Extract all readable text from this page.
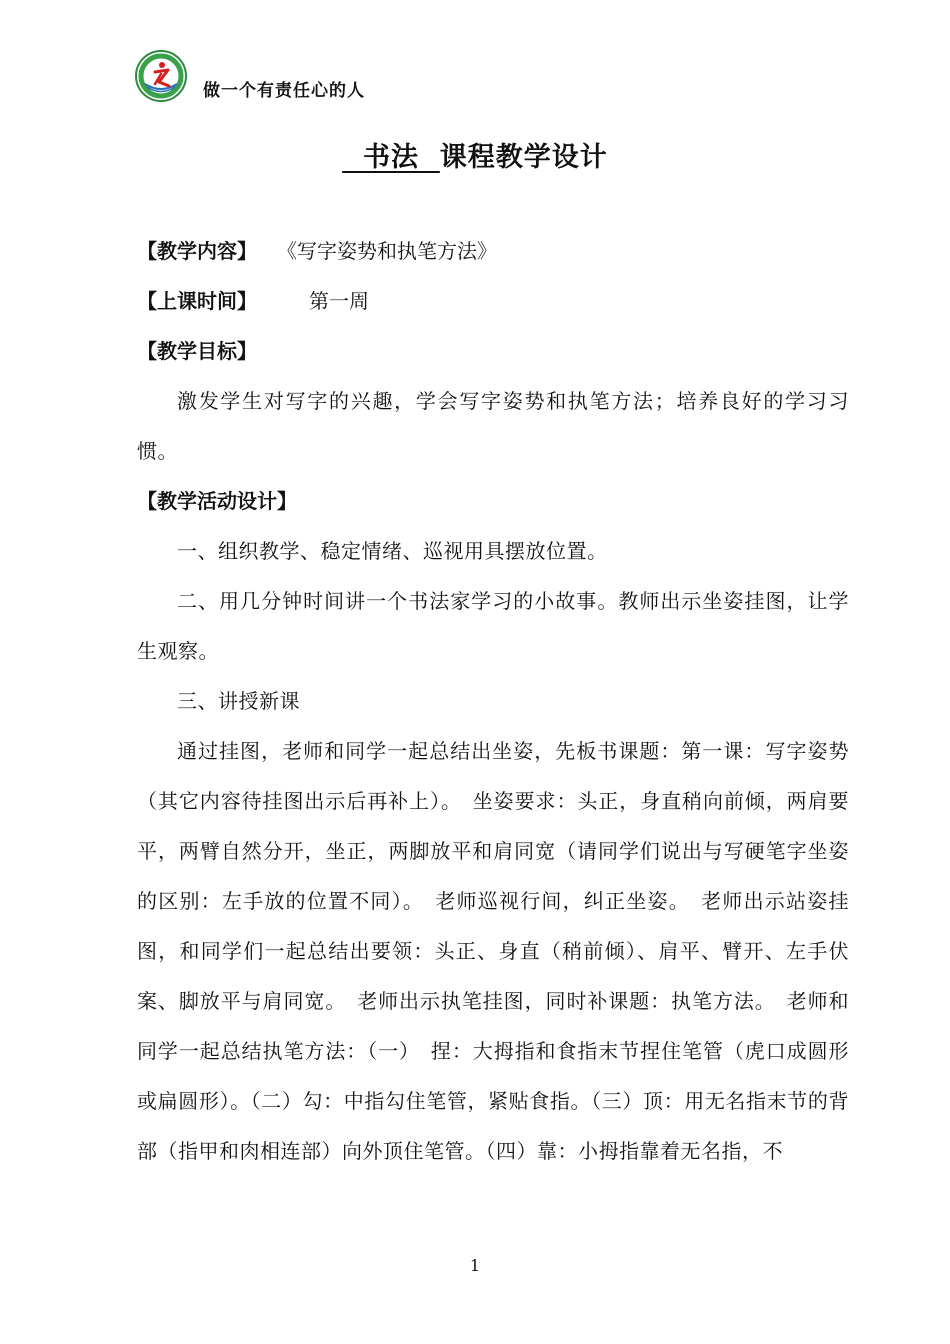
做一个有责任心的人
书法  课程教学设计
【教学内容】 《写字姿势和执笔方法》
【上课时间】	第一周
【教学目标】

激发学生对写字的兴趣，学会写字姿势和执笔方法；培养良好的学习习惯。

【教学活动设计】

一、组织教学、稳定情绪、巡视用具摆放位置。

二、用几分钟时间讲一个书法家学习的小故事。教师出示坐姿挂图，让学生观察。

三、讲授新课

通过挂图，老师和同学一起总结出坐姿，先板书课题：第一课：写字姿势（其它内容待挂图出示后再补上）。　坐姿要求：头正，身直稍向前倾，两肩要平，两臂自然分开，坐正，两脚放平和肩同宽（请同学们说出与写硬笔字坐姿的区别：左手放的位置不同）。　老师巡视行间，纠正坐姿。　老师出示站姿挂图，和同学们一起总结出要领：头正、身直（稍前倾）、肩平、臂开、左手伏案、脚放平与肩同宽。　老师出示执笔挂图，同时补课题：执笔方法。　老师和同学一起总结执笔方法：（一）　捏：大拇指和食指末节捏住笔管（虎口成圆形或扁圆形）。（二）勾：中指勾住笔管，紧贴食指。（三）顶：用无名指末节的背部（指甲和肉相连部）向外顶住笔管。（四）靠：小拇指靠着无名指，不

1
